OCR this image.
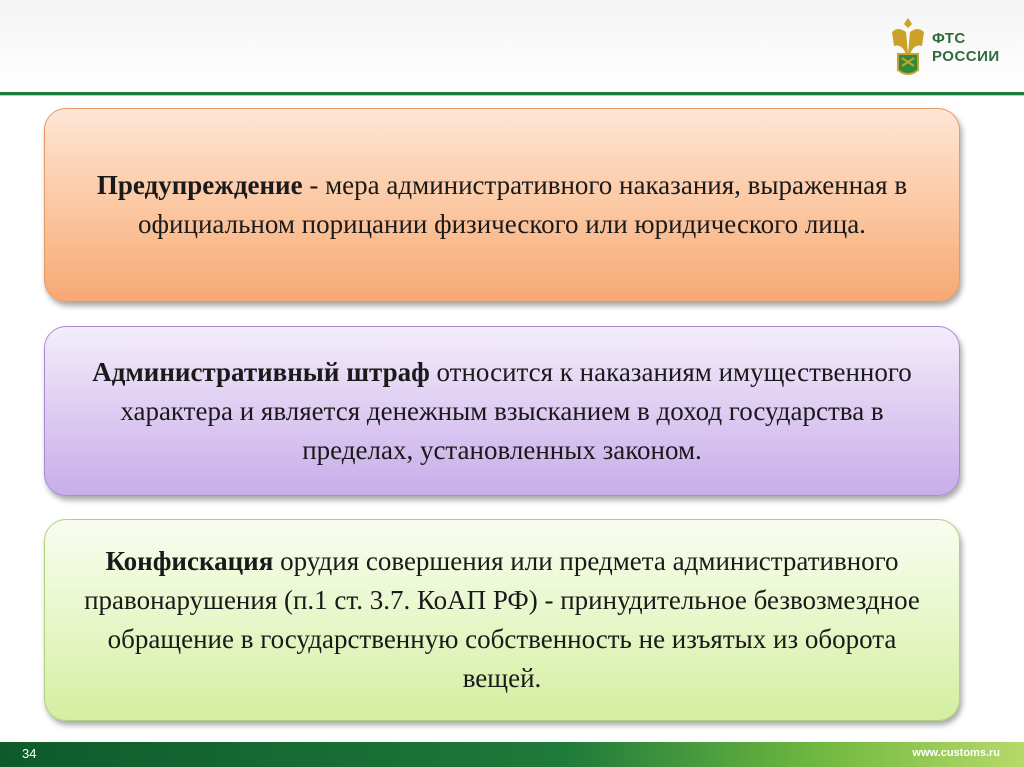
ФТС
РОССИИ
Предупреждение - мера административного наказания, выраженная в официальном порицании физического или юридического лица.
Административный штраф относится к наказаниям имущественного характера и является денежным взысканием в доход государства в пределах, установленных законом.
Конфискация орудия совершения или предмета административного правонарушения (п.1 ст. 3.7. КоАП РФ) - принудительное безвозмездное обращение в государственную собственность не изъятых из оборота вещей.
34	www.customs.ru
